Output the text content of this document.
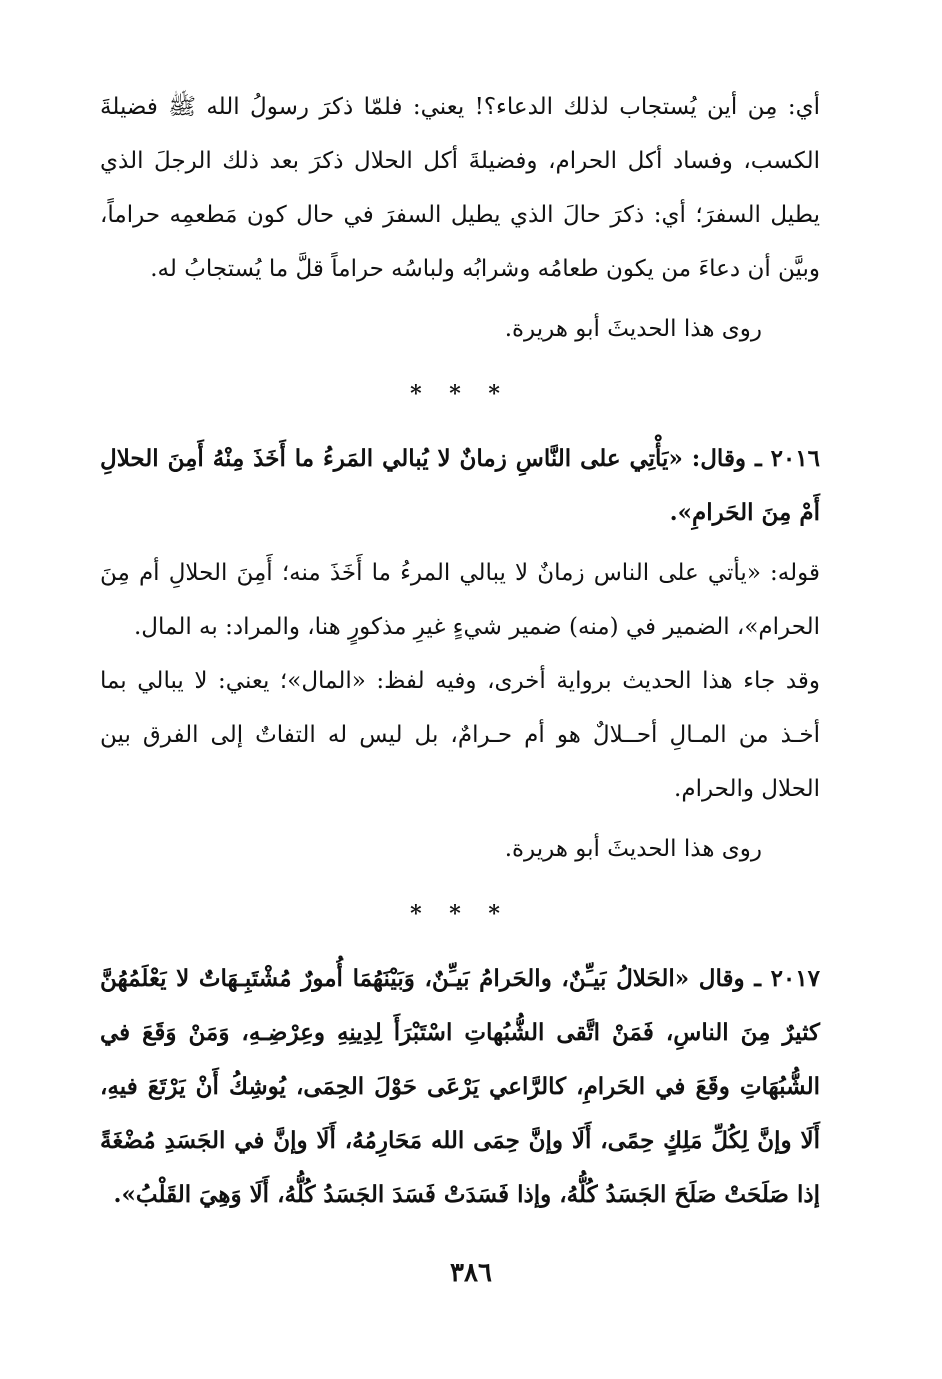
أي: مِن أين يُستجاب لذلك الدعاء؟! يعني: فلمّا ذكرَ رسولُ الله ﷺ فضيلةَ الكسب، وفساد أكل الحرام، وفضيلةَ أكل الحلال ذكرَ بعد ذلك الرجلَ الذي يطيل السفرَ؛ أي: ذكرَ حالَ الذي يطيل السفرَ في حال كون مَطعمِه حراماً، وبيَّن أن دعاءَ من يكون طعامُه وشرابُه ولباسُه حراماً قلَّ ما يُستجابُ له.

روى هذا الحديثَ أبو هريرة.

* * *

٢٠١٦ ـ وقال: «يَأْتِي على النَّاسِ زمانٌ لا يُبالي المَرءُ ما أَخَذَ مِنْهُ أَمِنَ الحلالِ أَمْ مِنَ الحَرامِ».

قوله: «يأتي على الناس زمانٌ لا يبالي المرءُ ما أَخَذَ منه؛ أَمِنَ الحلالِ أم مِنَ الحرام»، الضمير في (منه) ضمير شيءٍ غيرِ مذكورٍ هنا، والمراد: به المال.

وقد جاء هذا الحديث برواية أخرى، وفيه لفظ: «المال»؛ يعني: لا يبالي بما أخـذ من المـالِ أحــلالٌ هو أم حـرامٌ، بل ليس له التفاتٌ إلى الفرق بين الحلال والحرام.

روى هذا الحديثَ أبو هريرة.

* * *

٢٠١٧ ـ وقال «الحَلالُ بَيـِّنٌ، والحَرامُ بَيـِّنٌ، وَبَيْنَهُمَا أُمورٌ مُشْتَبِـهَاتٌ لا يَعْلَمُهُنَّ كثيرٌ مِنَ الناسِ، فَمَنْ اتَّقى الشُّبُهاتِ اسْتَبْرَأَ لِدِينِهِ وعِرْضِـهِ، وَمَنْ وَقَعَ في الشُّبُهَاتِ وقَعَ في الحَرامِ، كالرَّاعي يَرْعَى حَوْلَ الحِمَى، يُوشِكُ أَنْ يَرْتَعَ فيهِ، أَلَا وإنَّ لِكُلِّ مَلِكٍ حِمًى، أَلَا وإنَّ حِمَى الله مَحَارِمُهُ، أَلَا وإنَّ في الجَسَدِ مُضْغَةً إذا صَلَحَتْ صَلَحَ الجَسَدُ كُلُّهُ، وإذا فَسَدَتْ فَسَدَ الجَسَدُ كُلُّهُ، أَلَا وَهِيَ القَلْبُ».

٣٨٦
